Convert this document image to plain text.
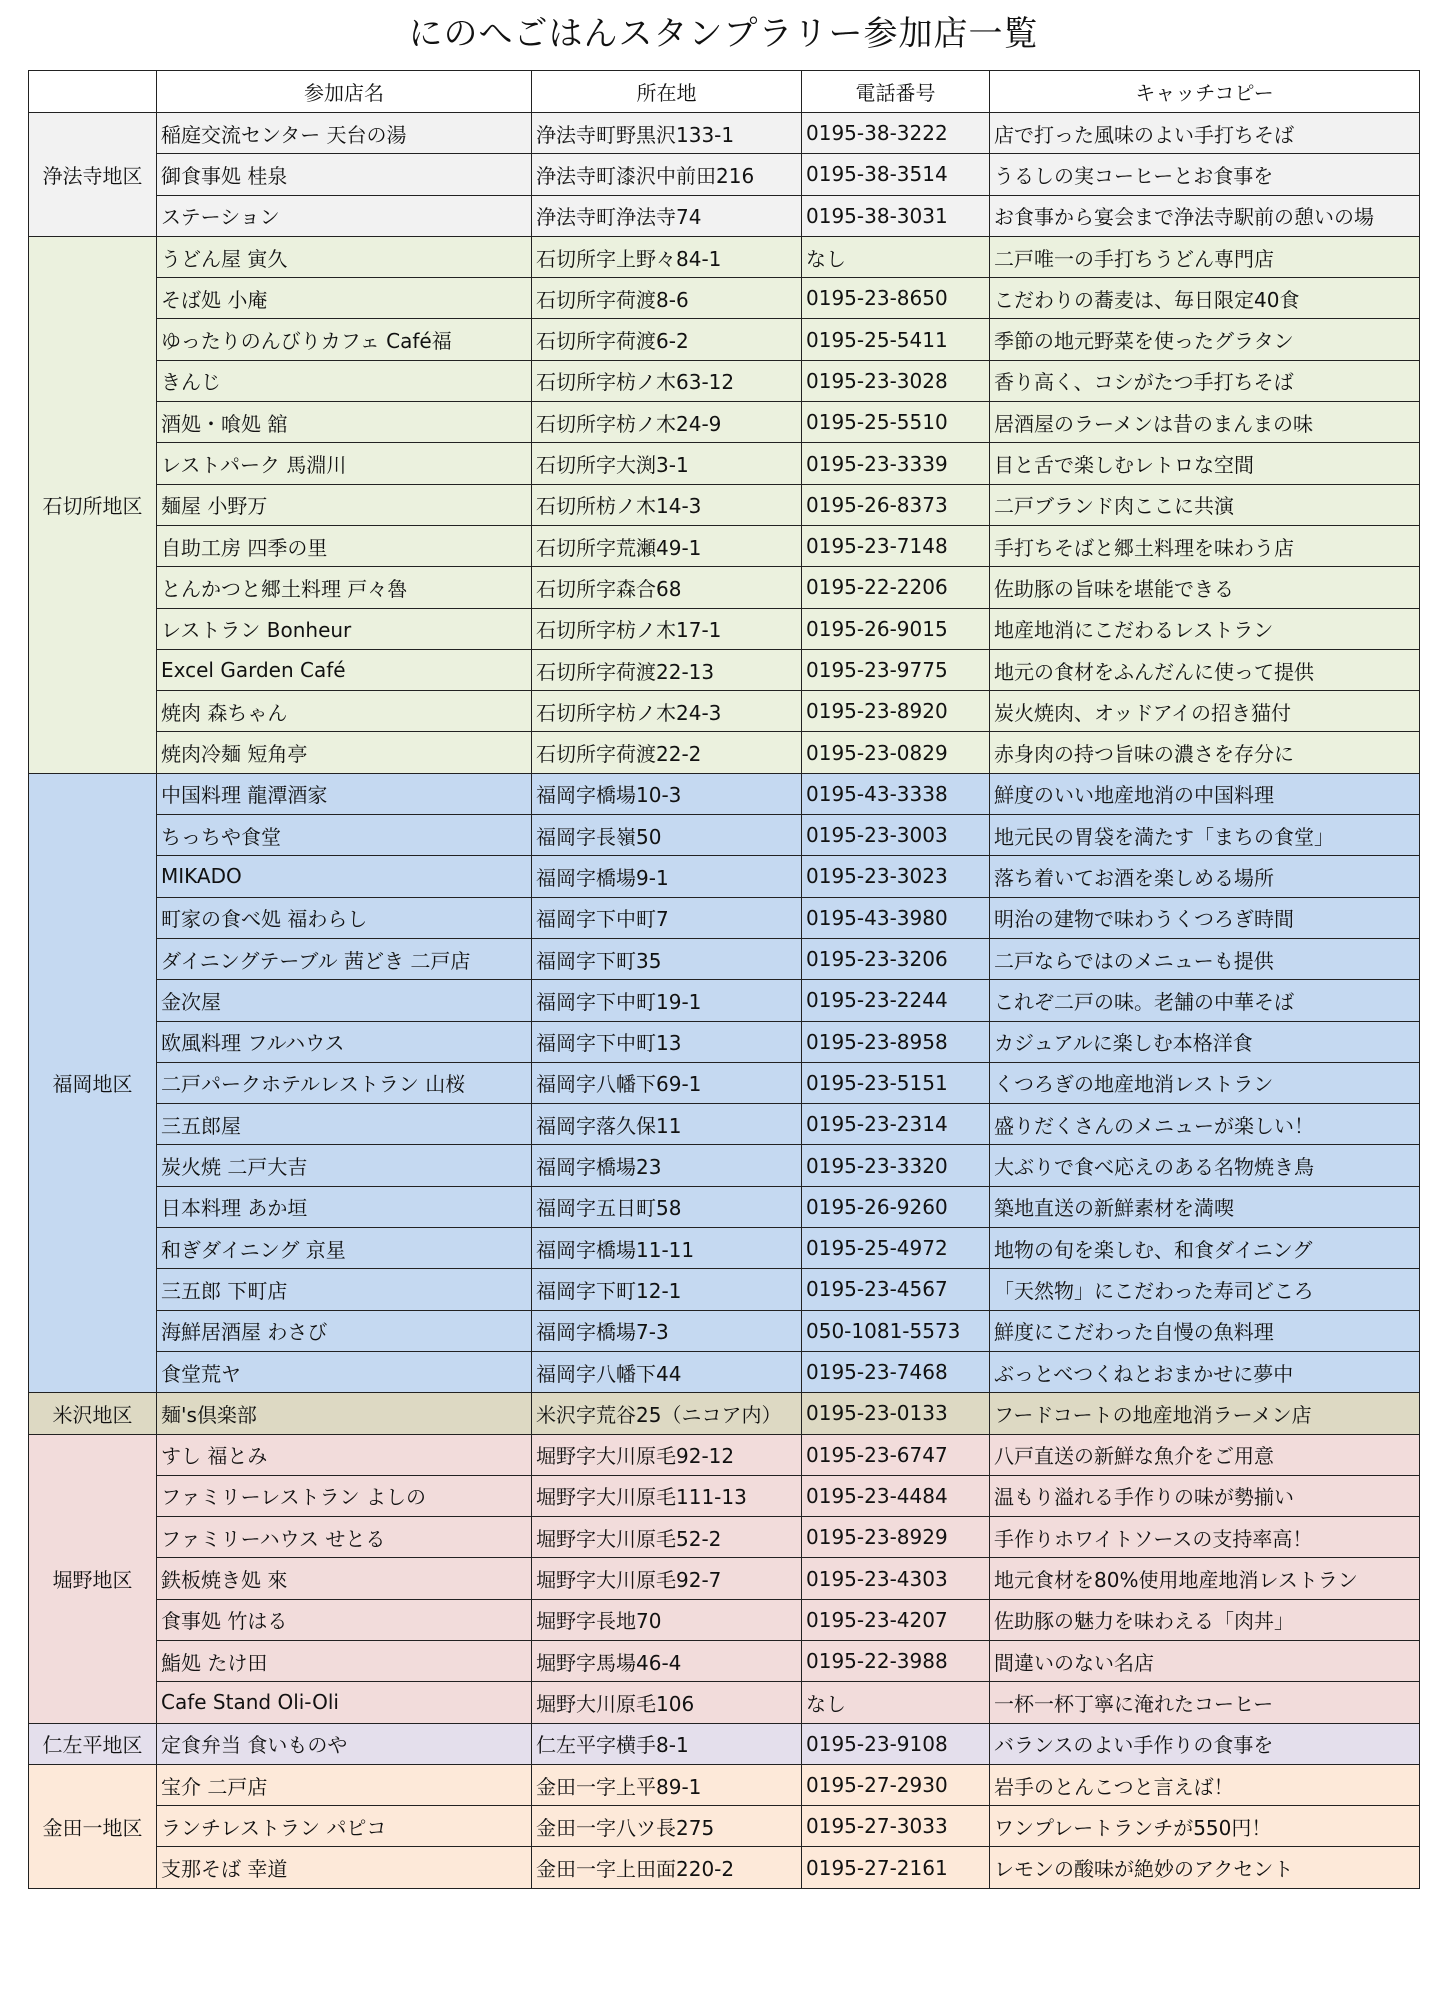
にのへごはんスタンプラリー参加店一覧
	参加店名	所在地	電話番号	キャッチコピー
浄法寺地区	稲庭交流センター 天台の湯	浄法寺町野黒沢133-1	0195-38-3222	店で打った風味のよい手打ちそば
	御食事処 桂泉	浄法寺町漆沢中前田216	0195-38-3514	うるしの実コーヒーとお食事を
	ステーション	浄法寺町浄法寺74	0195-38-3031	お食事から宴会まで浄法寺駅前の憩いの場
石切所地区	うどん屋 寅久	石切所字上野々84-1	なし	二戸唯一の手打ちうどん専門店
	そば処 小庵	石切所字荷渡8-6	0195-23-8650	こだわりの蕎麦は、毎日限定40食
	ゆったりのんびりカフェ Café福	石切所字荷渡6-2	0195-25-5411	季節の地元野菜を使ったグラタン
	きんじ	石切所字枋ノ木63-12	0195-23-3028	香り高く、コシがたつ手打ちそば
	酒処・喰処 舘	石切所字枋ノ木24-9	0195-25-5510	居酒屋のラーメンは昔のまんまの味
	レストパーク 馬淵川	石切所字大渕3-1	0195-23-3339	目と舌で楽しむレトロな空間
	麺屋 小野万	石切所枋ノ木14-3	0195-26-8373	二戸ブランド肉ここに共演
	自助工房 四季の里	石切所字荒瀬49-1	0195-23-7148	手打ちそばと郷土料理を味わう店
	とんかつと郷土料理 戸々魯	石切所字森合68	0195-22-2206	佐助豚の旨味を堪能できる
	レストラン Bonheur	石切所字枋ノ木17-1	0195-26-9015	地産地消にこだわるレストラン
	Excel Garden Café	石切所字荷渡22-13	0195-23-9775	地元の食材をふんだんに使って提供
	焼肉 森ちゃん	石切所字枋ノ木24-3	0195-23-8920	炭火焼肉、オッドアイの招き猫付
	焼肉冷麺 短角亭	石切所字荷渡22-2	0195-23-0829	赤身肉の持つ旨味の濃さを存分に
福岡地区	中国料理 龍潭酒家	福岡字橋場10-3	0195-43-3338	鮮度のいい地産地消の中国料理
	ちっちや食堂	福岡字長嶺50	0195-23-3003	地元民の胃袋を満たす「まちの食堂」
	MIKADO	福岡字橋場9-1	0195-23-3023	落ち着いてお酒を楽しめる場所
	町家の食べ処 福わらし	福岡字下中町7	0195-43-3980	明治の建物で味わうくつろぎ時間
	ダイニングテーブル 茜どき 二戸店	福岡字下町35	0195-23-3206	二戸ならではのメニューも提供
	金次屋	福岡字下中町19-1	0195-23-2244	これぞ二戸の味。老舗の中華そば
	欧風料理 フルハウス	福岡字下中町13	0195-23-8958	カジュアルに楽しむ本格洋食
	二戸パークホテルレストラン 山桜	福岡字八幡下69-1	0195-23-5151	くつろぎの地産地消レストラン
	三五郎屋	福岡字落久保11	0195-23-2314	盛りだくさんのメニューが楽しい！
	炭火焼 二戸大吉	福岡字橋場23	0195-23-3320	大ぶりで食べ応えのある名物焼き鳥
	日本料理 あか垣	福岡字五日町58	0195-26-9260	築地直送の新鮮素材を満喫
	和ぎダイニング 京星	福岡字橋場11-11	0195-25-4972	地物の旬を楽しむ、和食ダイニング
	三五郎 下町店	福岡字下町12-1	0195-23-4567	「天然物」にこだわった寿司どころ
	海鮮居酒屋 わさび	福岡字橋場7-3	050-1081-5573	鮮度にこだわった自慢の魚料理
	食堂荒ヤ	福岡字八幡下44	0195-23-7468	ぶっとべつくねとおまかせに夢中
米沢地区	麺's倶楽部	米沢字荒谷25（ニコア内）	0195-23-0133	フードコートの地産地消ラーメン店
堀野地区	すし 福とみ	堀野字大川原毛92-12	0195-23-6747	八戸直送の新鮮な魚介をご用意
	ファミリーレストラン よしの	堀野字大川原毛111-13	0195-23-4484	温もり溢れる手作りの味が勢揃い
	ファミリーハウス せとる	堀野字大川原毛52-2	0195-23-8929	手作りホワイトソースの支持率高！
	鉄板焼き処 來	堀野字大川原毛92-7	0195-23-4303	地元食材を80%使用地産地消レストラン
	食事処 竹はる	堀野字長地70	0195-23-4207	佐助豚の魅力を味わえる「肉丼」
	鮨処 たけ田	堀野字馬場46-4	0195-22-3988	間違いのない名店
	Cafe Stand Oli-Oli	堀野大川原毛106	なし	一杯一杯丁寧に淹れたコーヒー
仁左平地区	定食弁当 食いものや	仁左平字横手8-1	0195-23-9108	バランスのよい手作りの食事を
金田一地区	宝介 二戸店	金田一字上平89-1	0195-27-2930	岩手のとんこつと言えば！
	ランチレストラン パピコ	金田一字八ツ長275	0195-27-3033	ワンプレートランチが550円！
	支那そば 幸道	金田一字上田面220-2	0195-27-2161	レモンの酸味が絶妙のアクセント
